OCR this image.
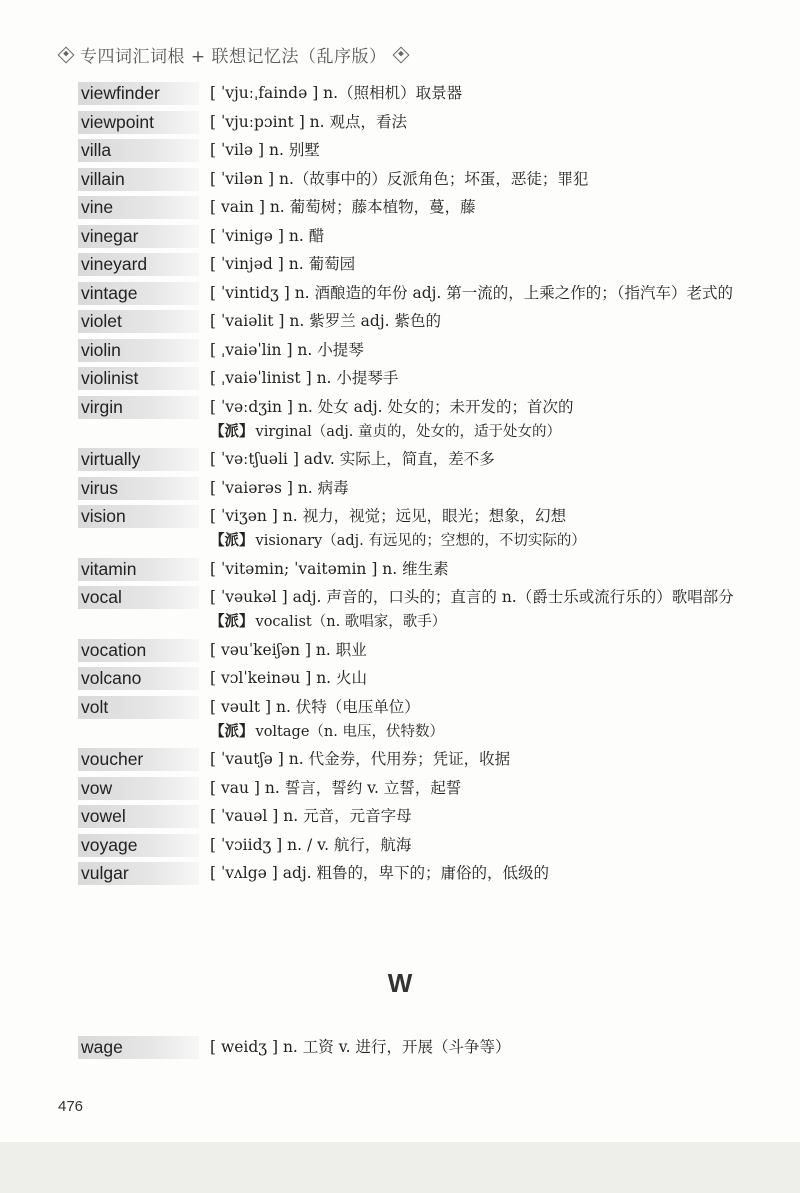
专四词汇词根 + 联想记忆法（乱序版）
viewfinder	[ ˈvjuːˌfaində ] n.（照相机）取景器
viewpoint	[ ˈvjuːpɔint ] n. 观点，看法
villa	[ ˈvilə ] n. 别墅
villain	[ ˈvilən ] n.（故事中的）反派角色；坏蛋，恶徒；罪犯
vine	[ vain ] n. 葡萄树；藤本植物，蔓，藤
vinegar	[ ˈvinigə ] n. 醋
vineyard	[ ˈvinjəd ] n. 葡萄园
vintage	[ ˈvintidʒ ] n. 酒酿造的年份 adj. 第一流的，上乘之作的；（指汽车）老式的
violet	[ ˈvaiəlit ] n. 紫罗兰 adj. 紫色的
violin	[ ˌvaiəˈlin ] n. 小提琴
violinist	[ ˌvaiəˈlinist ] n. 小提琴手
virgin	[ ˈvəːdʒin ] n. 处女 adj. 处女的；未开发的；首次的
【派】 virginal（adj. 童贞的，处女的，适于处女的）
virtually	[ ˈvəːtʃuəli ] adv. 实际上，简直，差不多
virus	[ ˈvaiərəs ] n. 病毒
vision	[ ˈviʒən ] n. 视力，视觉；远见，眼光；想象，幻想
【派】 visionary（adj. 有远见的；空想的，不切实际的）
vitamin	[ ˈvitəmin; ˈvaitəmin ] n. 维生素
vocal	[ ˈvəukəl ] adj. 声音的，口头的；直言的 n.（爵士乐或流行乐的）歌唱部分
【派】 vocalist（n. 歌唱家，歌手）
vocation	[ vəuˈkeiʃən ] n. 职业
volcano	[ vɔlˈkeinəu ] n. 火山
volt	[ vəult ] n. 伏特（电压单位）
【派】 voltage（n. 电压，伏特数）
voucher	[ ˈvautʃə ] n. 代金券，代用券；凭证，收据
vow	[ vau ] n. 誓言，誓约 v. 立誓，起誓
vowel	[ ˈvauəl ] n. 元音，元音字母
voyage	[ ˈvɔiidʒ ] n. / v. 航行，航海
vulgar	[ ˈvʌlgə ] adj. 粗鲁的，卑下的；庸俗的，低级的
W
wage	[ weidʒ ] n. 工资 v. 进行，开展（斗争等）
476
